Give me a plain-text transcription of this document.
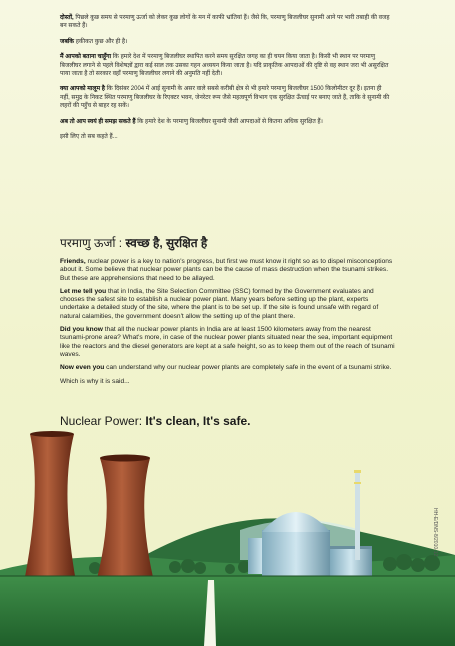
दोस्तों, पिछले कुछ समय से परमाणु ऊर्जा को लेकर कुछ लोगों के मन में काफी भ्रांतियां हैं। जैसे कि, परमाणु बिजलीघर सुनामी आने पर भारी तबाही की वजह बन सकते हैं।

जबकि हकीकत कुछ और ही है।

मैं आपको बताना चाहूँगा कि हमारे देश में परमाणु बिजलीघर स्थापित करने समय सुरक्षित जगह का ही चयन किया जाता है। किसी भी स्थान पर परमाणु बिजलीघर लगाने से पहले विशेषज्ञों द्वारा कई साल तक उसका गहन अध्ययन किया जाता है। यदि प्राकृतिक आपदाओं की दृष्टि से वह स्थान जरा भी असुरक्षित पाया जाता है तो सरकार वहाँ परमाणु बिजलीघर लगाने की अनुमति नहीं देती।

क्या आपको मालूम है कि दिसंबर 2004 में आई सुनामी के असर वाले सबसे करीबी क्षेत्र से भी हमारे परमाणु बिजलीघर 1500 किलोमीटर दूर हैं। इतना ही नहीं, समुद्र के निकट स्थित परमाणु बिजलीघर के रिएक्टर भवन, जेनरेटर रूम जैसे महत्वपूर्ण विभाग एक सुरक्षित ऊँचाई पर बनाए जाते हैं, ताकि वे सुनामी की लहरों की पहुँच से बाहर रह सकें।

अब तो आप स्वयं ही समझ सकते हैं कि हमारे देश के परमाणु बिजलीघर सुनामी जैसी आपदाओं से कितना अधिक सुरक्षित हैं।

इसी लिए तो सब कहते हैं...

परमाणु ऊर्जा : स्वच्छ है, सुरक्षित है

Friends, nuclear power is a key to nation's progress, but first we must know it right so as to dispel misconceptions about it. Some believe that nuclear power plants can be the cause of mass destruction when the tsunami strikes. But these are apprehensions that need to be allayed.

Let me tell you that in India, the Site Selection Committee (SSC) formed by the Government evaluates and chooses the safest site to establish a nuclear power plant. Many years before setting up the plant, experts undertake a detailed study of the site, where the plant is to be set up. If the site is found unsafe with regard of natural calamities, the government doesn't allow the setting up of the plant there.

Did you know that all the nuclear power plants in India are at least 1500 kilometers away from the nearest tsunami-prone area? What's more, in case of the nuclear power plants situated near the sea, important equipment like the reactors and the diesel generators are kept at a safe height, so as to keep them out of the reach of tsunami waves.

Now even you can understand why our nuclear power plants are completely safe in the event of a tsunami strike.

Which is why it is said...

Nuclear Power: It's clean, It's safe.
HH-E/DNS-8/2010-12
